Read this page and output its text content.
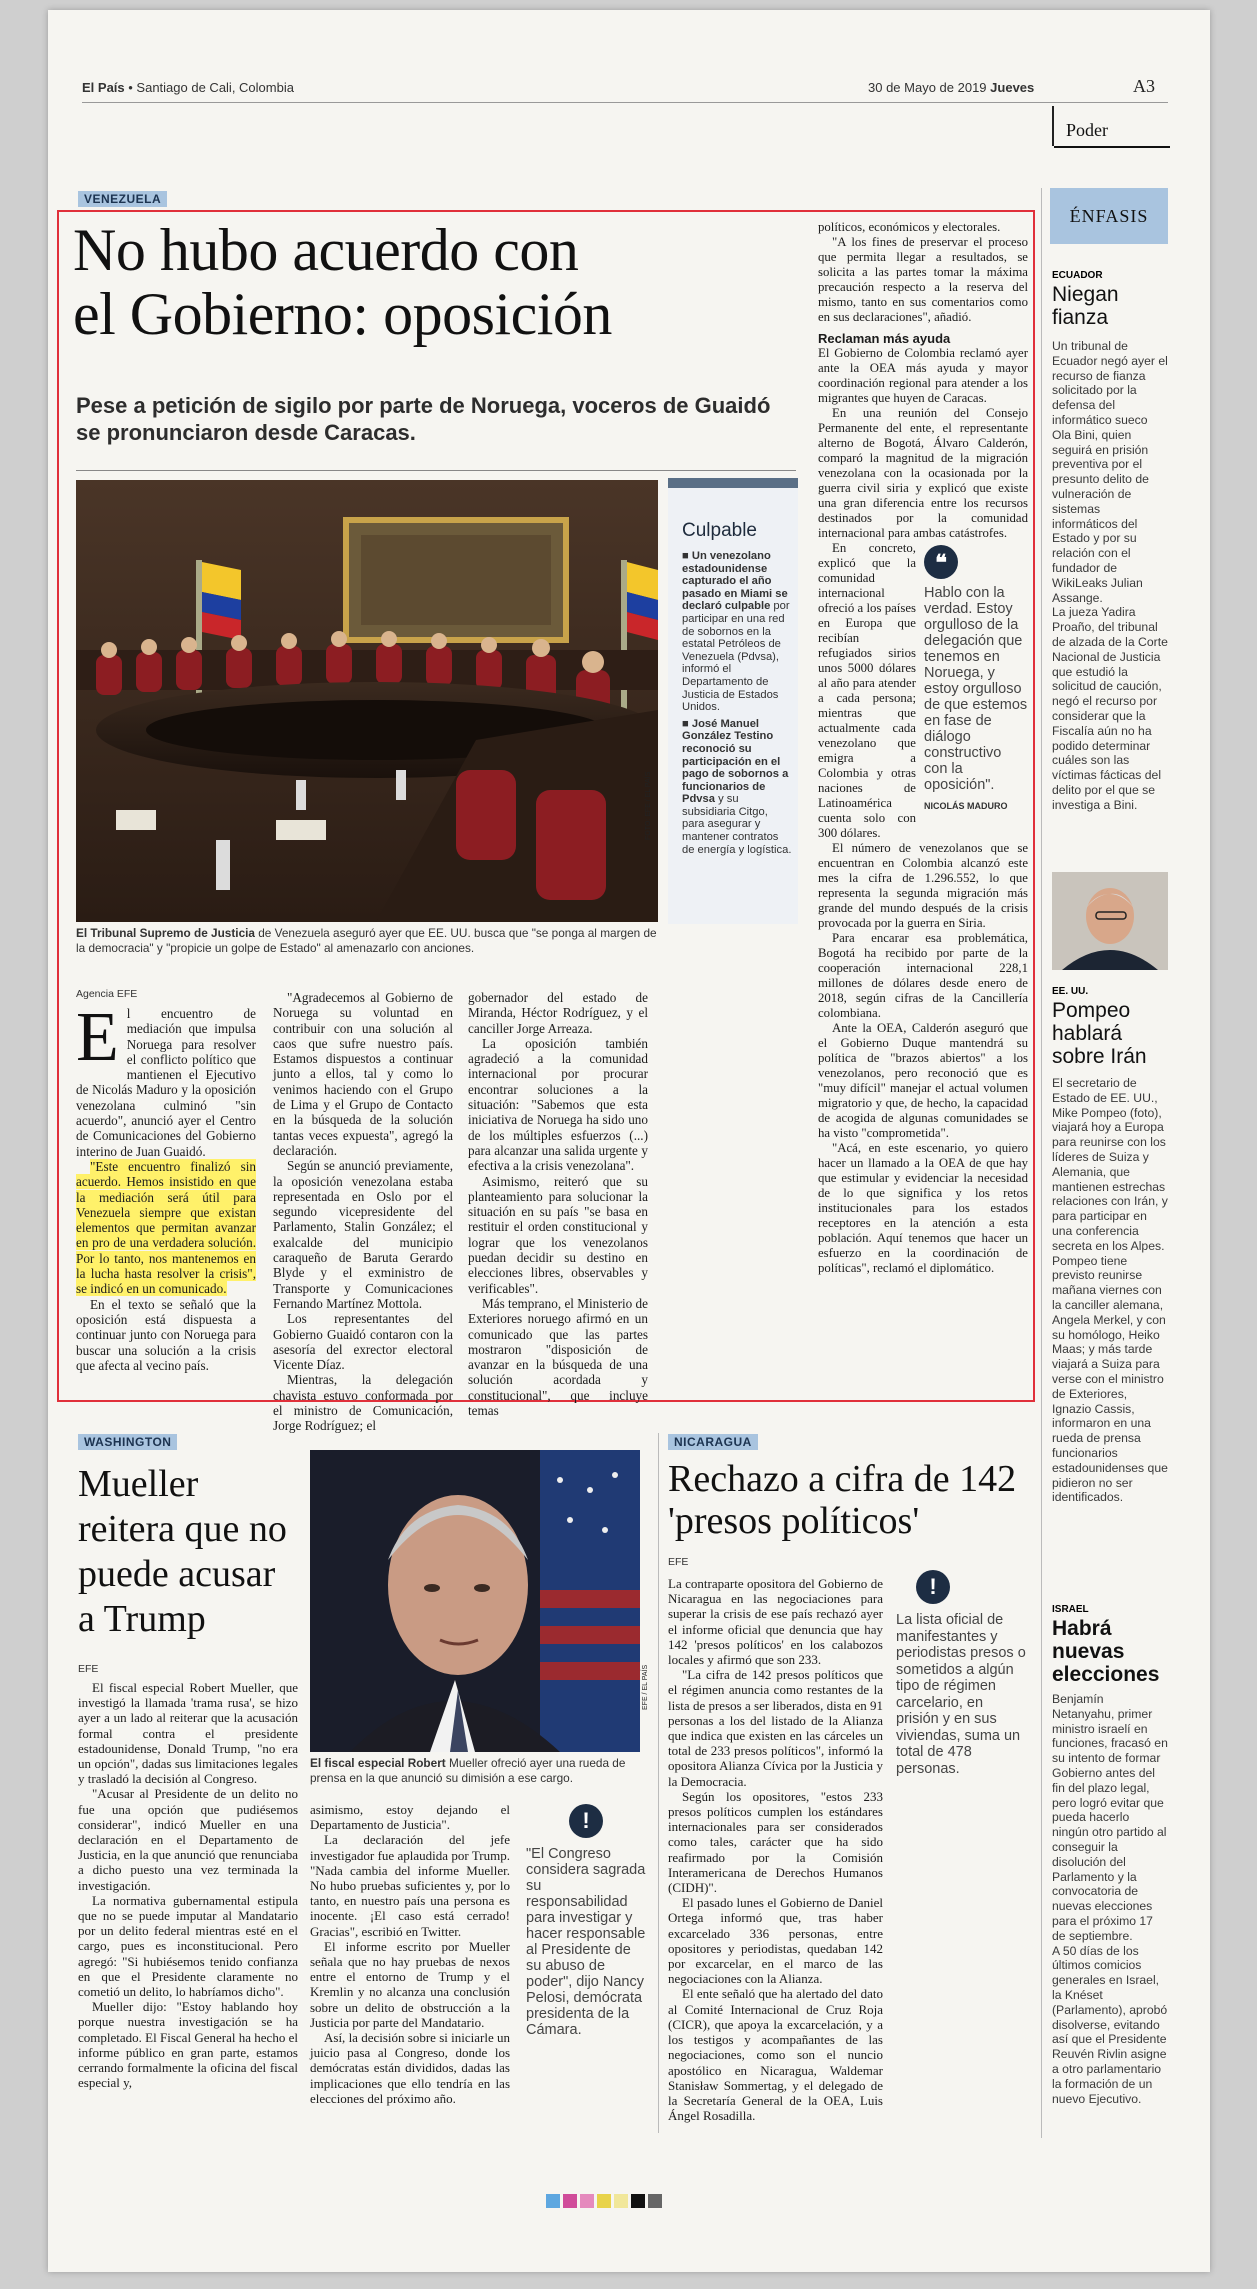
El País • Santiago de Cali, Colombia	30 de Mayo de 2019 Jueves	A3
Poder
VENEZUELA
No hubo acuerdo con
el Gobierno: oposición
Pese a petición de sigilo por parte de Noruega, voceros de Guaidó se pronunciaron desde Caracas.
FOTO: EFE / EL PAÍS
Culpable
■ Un venezolano estadounidense capturado el año pasado en Miami se declaró culpable por participar en una red de sobornos en la estatal Petróleos de Venezuela (Pdvsa), informó el Departamento de Justicia de Estados Unidos.
■ José Manuel González Testino reconoció su participación en el pago de sobornos a funcionarios de Pdvsa y su subsidiaria Citgo, para asegurar y mantener contratos de energía y logística.
El Tribunal Supremo de Justicia de Venezuela aseguró ayer que EE. UU. busca que "se ponga al margen de la democracia" y "propicie un golpe de Estado" al amenazarlo con anciones.
Agencia EFE
E l encuentro de mediación que impulsa Noruega para resolver el conflicto político que mantienen el Ejecutivo de Nicolás Maduro y la oposición venezolana culminó "sin acuerdo", anunció ayer el Centro de Comunicaciones del Gobierno interino de Juan Guaidó.

"Este encuentro finalizó sin acuerdo. Hemos insistido en que la mediación será útil para Venezuela siempre que existan elementos que permitan avanzar en pro de una verdadera solución. Por lo tanto, nos mantenemos en la lucha hasta resolver la crisis", se indicó en un comunicado.

En el texto se señaló que la oposición está dispuesta a continuar junto con Noruega para buscar una solución a la crisis que afecta al vecino país.

"Agradecemos al Gobierno de Noruega su voluntad en contribuir con una solución al caos que sufre nuestro país. Estamos dispuestos a continuar junto a ellos, tal y como lo venimos haciendo con el Grupo de Lima y el Grupo de Contacto en la búsqueda de la solución tantas veces expuesta", agregó la declaración.

Según se anunció previamente, la oposición venezolana estaba representada en Oslo por el segundo vicepresidente del Parlamento, Stalin González; el exalcalde del municipio caraqueño de Baruta Gerardo Blyde y el exministro de Transporte y Comunicaciones Fernando Martínez Mottola.

Los representantes del Gobierno Guaidó contaron con la asesoría del exrector electoral Vicente Díaz.

Mientras, la delegación chavista estuvo conformada por el ministro de Comunicación, Jorge Rodríguez; el

gobernador del estado de Miranda, Héctor Rodríguez, y el canciller Jorge Arreaza.

La oposición también agradeció a la comunidad internacional por procurar encontrar soluciones a la situación: "Sabemos que esta iniciativa de Noruega ha sido uno de los múltiples esfuerzos (...) para alcanzar una salida urgente y efectiva a la crisis venezolana".

Asimismo, reiteró que su planteamiento para solucionar la situación en su país "se basa en restituir el orden constitucional y lograr que los venezolanos puedan decidir su destino en elecciones libres, observables y verificables".

Más temprano, el Ministerio de Exteriores noruego afirmó en un comunicado que las partes mostraron "disposición de avanzar en la búsqueda de una solución acordada y constitucional", que incluye temas

políticos, económicos y electorales.

"A los fines de preservar el proceso que permita llegar a resultados, se solicita a las partes tomar la máxima precaución respecto a la reserva del mismo, tanto en sus comentarios como en sus declaraciones", añadió.

Reclaman más ayuda

El Gobierno de Colombia reclamó ayer ante la OEA más ayuda y mayor coordinación regional para atender a los migrantes que huyen de Caracas.

En una reunión del Consejo Permanente del ente, el representante alterno de Bogotá, Álvaro Calderón, comparó la magnitud de la migración venezolana con la ocasionada por la guerra civil siria y explicó que existe una gran diferencia entre los recursos destinados por la comunidad internacional para ambas catástrofes.

❝
Hablo con la verdad. Estoy orgulloso de la delegación que tenemos en Noruega, y estoy orgulloso de que estemos en fase de diálogo constructivo con la oposición".
NICOLÁS MADURO

En concreto, explicó que la comunidad internacional ofreció a los países en Europa que recibían refugiados sirios unos 5000 dólares al año para atender a cada persona; mientras que actualmente cada venezolano que emigra a Colombia y otras naciones de Latinoamérica cuenta solo con 300 dólares.

El número de venezolanos que se encuentran en Colombia alcanzó este mes la cifra de 1.296.552, lo que representa la segunda migración más grande del mundo después de la crisis provocada por la guerra en Siria.

Para encarar esa problemática, Bogotá ha recibido por parte de la cooperación internacional 228,1 millones de dólares desde enero de 2018, según cifras de la Cancillería colombiana.

Ante la OEA, Calderón aseguró que el Gobierno Duque mantendrá su política de "brazos abiertos" a los venezolanos, pero reconoció que es "muy difícil" manejar el actual volumen migratorio y que, de hecho, la capacidad de acogida de algunas comunidades se ha visto "comprometida".

"Acá, en este escenario, yo quiero hacer un llamado a la OEA de que hay que estimular y evidenciar la necesidad de lo que significa y los retos institucionales para los estados receptores en la atención a esta población. Aquí tenemos que hacer un esfuerzo en la coordinación de políticas", reclamó el diplomático.

ÉNFASIS
ECUADOR
Niegan fianza
Un tribunal de Ecuador negó ayer el recurso de fianza solicitado por la defensa del informático sueco Ola Bini, quien seguirá en prisión preventiva por el presunto delito de vulneración de sistemas informáticos del Estado y por su relación con el fundador de WikiLeaks Julian Assange.
La jueza Yadira Proaño, del tribunal de alzada de la Corte Nacional de Justicia que estudió la solicitud de caución, negó el recurso por considerar que la Fiscalía aún no ha podido determinar cuáles son las víctimas fácticas del delito por el que se investiga a Bini.
EE. UU.
Pompeo hablará sobre Irán
El secretario de Estado de EE. UU., Mike Pompeo (foto), viajará hoy a Europa para reunirse con los líderes de Suiza y Alemania, que mantienen estrechas relaciones con Irán, y para participar en una conferencia secreta en los Alpes. Pompeo tiene previsto reunirse mañana viernes con la canciller alemana, Angela Merkel, y con su homólogo, Heiko Maas; y más tarde viajará a Suiza para verse con el ministro de Exteriores, Ignazio Cassis, informaron en una rueda de prensa funcionarios estadounidenses que pidieron no ser identificados.
ISRAEL
Habrá nuevas elecciones
Benjamín Netanyahu, primer ministro israelí en funciones, fracasó en su intento de formar Gobierno antes del fin del plazo legal, pero logró evitar que pueda hacerlo ningún otro partido al conseguir la disolución del Parlamento y la convocatoria de nuevas elecciones para el próximo 17 de septiembre.
A 50 días de los últimos comicios generales en Israel, la Knéset (Parlamento), aprobó disolverse, evitando así que el Presidente Reuvén Rivlin asigne a otro parlamentario la formación de un nuevo Ejecutivo.
WASHINGTON
Mueller reitera que no puede acusar a Trump
EFE

El fiscal especial Robert Mueller, que investigó la llamada 'trama rusa', se hizo ayer a un lado al reiterar que la acusación formal contra el presidente estadounidense, Donald Trump, "no era un opción", dadas sus limitaciones legales y trasladó la decisión al Congreso.

"Acusar al Presidente de un delito no fue una opción que pudiésemos considerar", indicó Mueller en una declaración en el Departamento de Justicia, en la que anunció que renunciaba a dicho puesto una vez terminada la investigación.

La normativa gubernamental estipula que no se puede imputar al Mandatario por un delito federal mientras esté en el cargo, pues es inconstitucional. Pero agregó: "Si hubiésemos tenido confianza en que el Presidente claramente no cometió un delito, lo habríamos dicho".

Mueller dijo: "Estoy hablando hoy porque nuestra investigación se ha completado. El Fiscal General ha hecho el informe público en gran parte, estamos cerrando formalmente la oficina del fiscal especial y,

EFE / EL PAÍS
El fiscal especial Robert Mueller ofreció ayer una rueda de prensa en la que anunció su dimisión a ese cargo.

asimismo, estoy dejando el Departamento de Justicia".

La declaración del jefe investigador fue aplaudida por Trump. "Nada cambia del informe Mueller. No hubo pruebas suficientes y, por lo tanto, en nuestro país una persona es inocente. ¡El caso está cerrado! Gracias", escribió en Twitter.

El informe escrito por Mueller señala que no hay pruebas de nexos entre el entorno de Trump y el Kremlin y no alcanza una conclusión sobre un delito de obstrucción a la Justicia por parte del Mandatario.

Así, la decisión sobre si iniciarle un juicio pasa al Congreso, donde los demócratas están divididos, dadas las implicaciones que ello tendría en las elecciones del próximo año.

!
"El Congreso considera sagrada su responsabilidad para investigar y hacer responsable al Presidente de su abuso de poder", dijo Nancy Pelosi, demócrata presidenta de la Cámara.
NICARAGUA
Rechazo a cifra de 142 'presos políticos'
EFE

La contraparte opositora del Gobierno de Nicaragua en las negociaciones para superar la crisis de ese país rechazó ayer el informe oficial que denuncia que hay 142 'presos políticos' en los calabozos locales y afirmó que son 233.

"La cifra de 142 presos políticos que el régimen anuncia como restantes de la lista de presos a ser liberados, dista en 91 personas a los del listado de la Alianza que indica que existen en las cárceles un total de 233 presos políticos", informó la opositora Alianza Cívica por la Justicia y la Democracia.

Según los opositores, "estos 233 presos políticos cumplen los estándares internacionales para ser considerados como tales, carácter que ha sido reafirmado por la Comisión Interamericana de Derechos Humanos (CIDH)".

El pasado lunes el Gobierno de Daniel Ortega informó que, tras haber excarcelado 336 personas, entre opositores y periodistas, quedaban 142 por excarcelar, en el marco de las negociaciones con la Alianza.

El ente señaló que ha alertado del dato al Comité Internacional de Cruz Roja (CICR), que apoya la excarcelación, y a los testigos y acompañantes de las negociaciones, como son el nuncio apostólico en Nicaragua, Waldemar Stanisław Sommertag, y el delegado de la Secretaría General de la OEA, Luis Ángel Rosadilla.

!
La lista oficial de manifestantes y periodistas presos o sometidos a algún tipo de régimen carcelario, en prisión y en sus viviendas, suma un total de 478 personas.
